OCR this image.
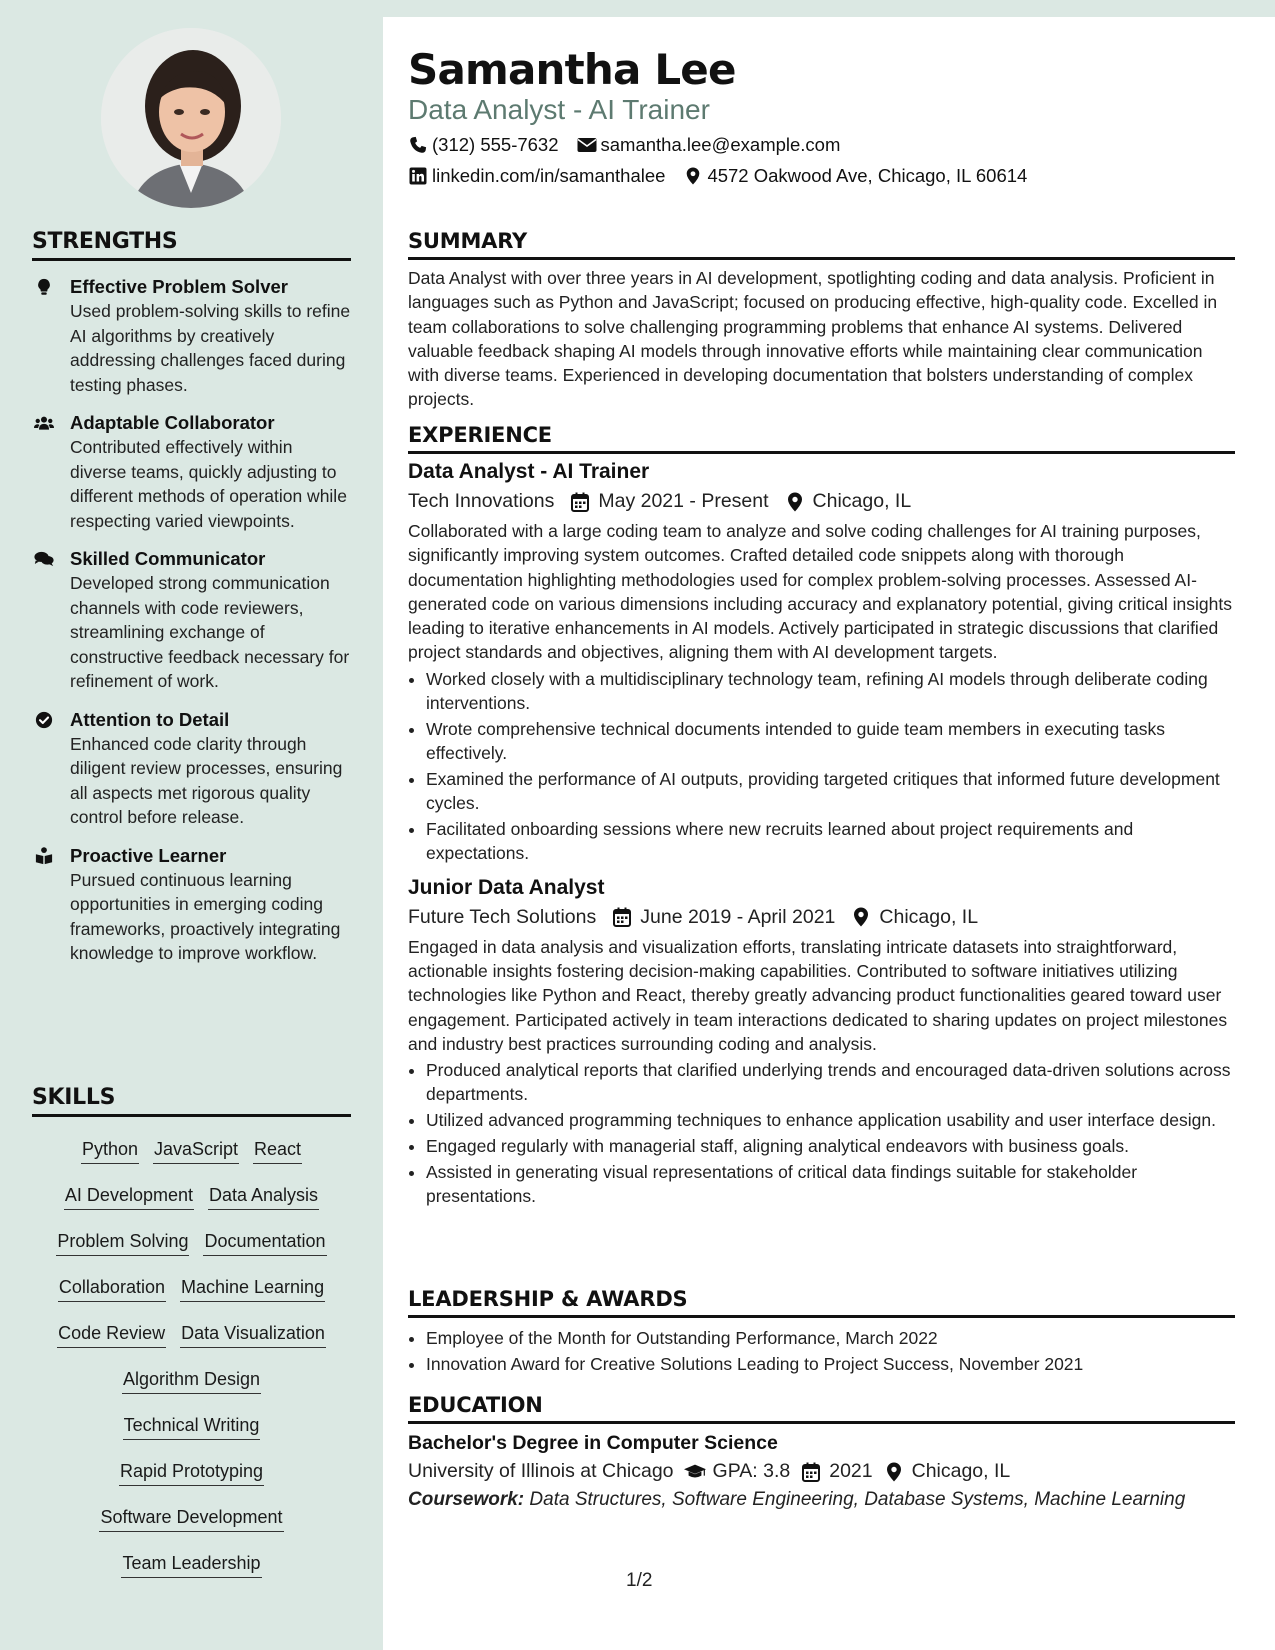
STRENGTHS
Effective Problem Solver
Used problem-solving skills to refine AI algorithms by creatively addressing challenges faced during testing phases.
Adaptable Collaborator
Contributed effectively within diverse teams, quickly adjusting to different methods of operation while respecting varied viewpoints.
Skilled Communicator
Developed strong communication channels with code reviewers, streamlining exchange of constructive feedback necessary for refinement of work.
Attention to Detail
Enhanced code clarity through diligent review processes, ensuring all aspects met rigorous quality control before release.
Proactive Learner
Pursued continuous learning opportunities in emerging coding frameworks, proactively integrating knowledge to improve workflow.
SKILLS
Python JavaScript React
AI Development Data Analysis
Problem Solving Documentation
Collaboration Machine Learning
Code Review Data Visualization
Algorithm Design
Technical Writing
Rapid Prototyping
Software Development
Team Leadership
Samantha Lee
Data Analyst - AI Trainer
(312) 555-7632 samantha.lee@example.com
linkedin.com/in/samanthalee 4572 Oakwood Ave, Chicago, IL 60614
SUMMARY
Data Analyst with over three years in AI development, spotlighting coding and data analysis. Proficient in languages such as Python and JavaScript; focused on producing effective, high-quality code. Excelled in team collaborations to solve challenging programming problems that enhance AI systems. Delivered valuable feedback shaping AI models through innovative efforts while maintaining clear communication with diverse teams. Experienced in developing documentation that bolsters understanding of complex projects.
EXPERIENCE
Data Analyst - AI Trainer
Tech Innovations May 2021 - Present Chicago, IL
Collaborated with a large coding team to analyze and solve coding challenges for AI training purposes, significantly improving system outcomes. Crafted detailed code snippets along with thorough documentation highlighting methodologies used for complex problem-solving processes. Assessed AI-generated code on various dimensions including accuracy and explanatory potential, giving critical insights leading to iterative enhancements in AI models. Actively participated in strategic discussions that clarified project standards and objectives, aligning them with AI development targets.
• Worked closely with a multidisciplinary technology team, refining AI models through deliberate coding interventions.
• Wrote comprehensive technical documents intended to guide team members in executing tasks effectively.
• Examined the performance of AI outputs, providing targeted critiques that informed future development cycles.
• Facilitated onboarding sessions where new recruits learned about project requirements and expectations.
Junior Data Analyst
Future Tech Solutions June 2019 - April 2021 Chicago, IL
Engaged in data analysis and visualization efforts, translating intricate datasets into straightforward, actionable insights fostering decision-making capabilities. Contributed to software initiatives utilizing technologies like Python and React, thereby greatly advancing product functionalities geared toward user engagement. Participated actively in team interactions dedicated to sharing updates on project milestones and industry best practices surrounding coding and analysis.
• Produced analytical reports that clarified underlying trends and encouraged data-driven solutions across departments.
• Utilized advanced programming techniques to enhance application usability and user interface design.
• Engaged regularly with managerial staff, aligning analytical endeavors with business goals.
• Assisted in generating visual representations of critical data findings suitable for stakeholder presentations.
LEADERSHIP & AWARDS
• Employee of the Month for Outstanding Performance, March 2022
• Innovation Award for Creative Solutions Leading to Project Success, November 2021
EDUCATION
Bachelor's Degree in Computer Science
University of Illinois at Chicago GPA: 3.8 2021 Chicago, IL
Coursework: Data Structures, Software Engineering, Database Systems, Machine Learning
1/2
